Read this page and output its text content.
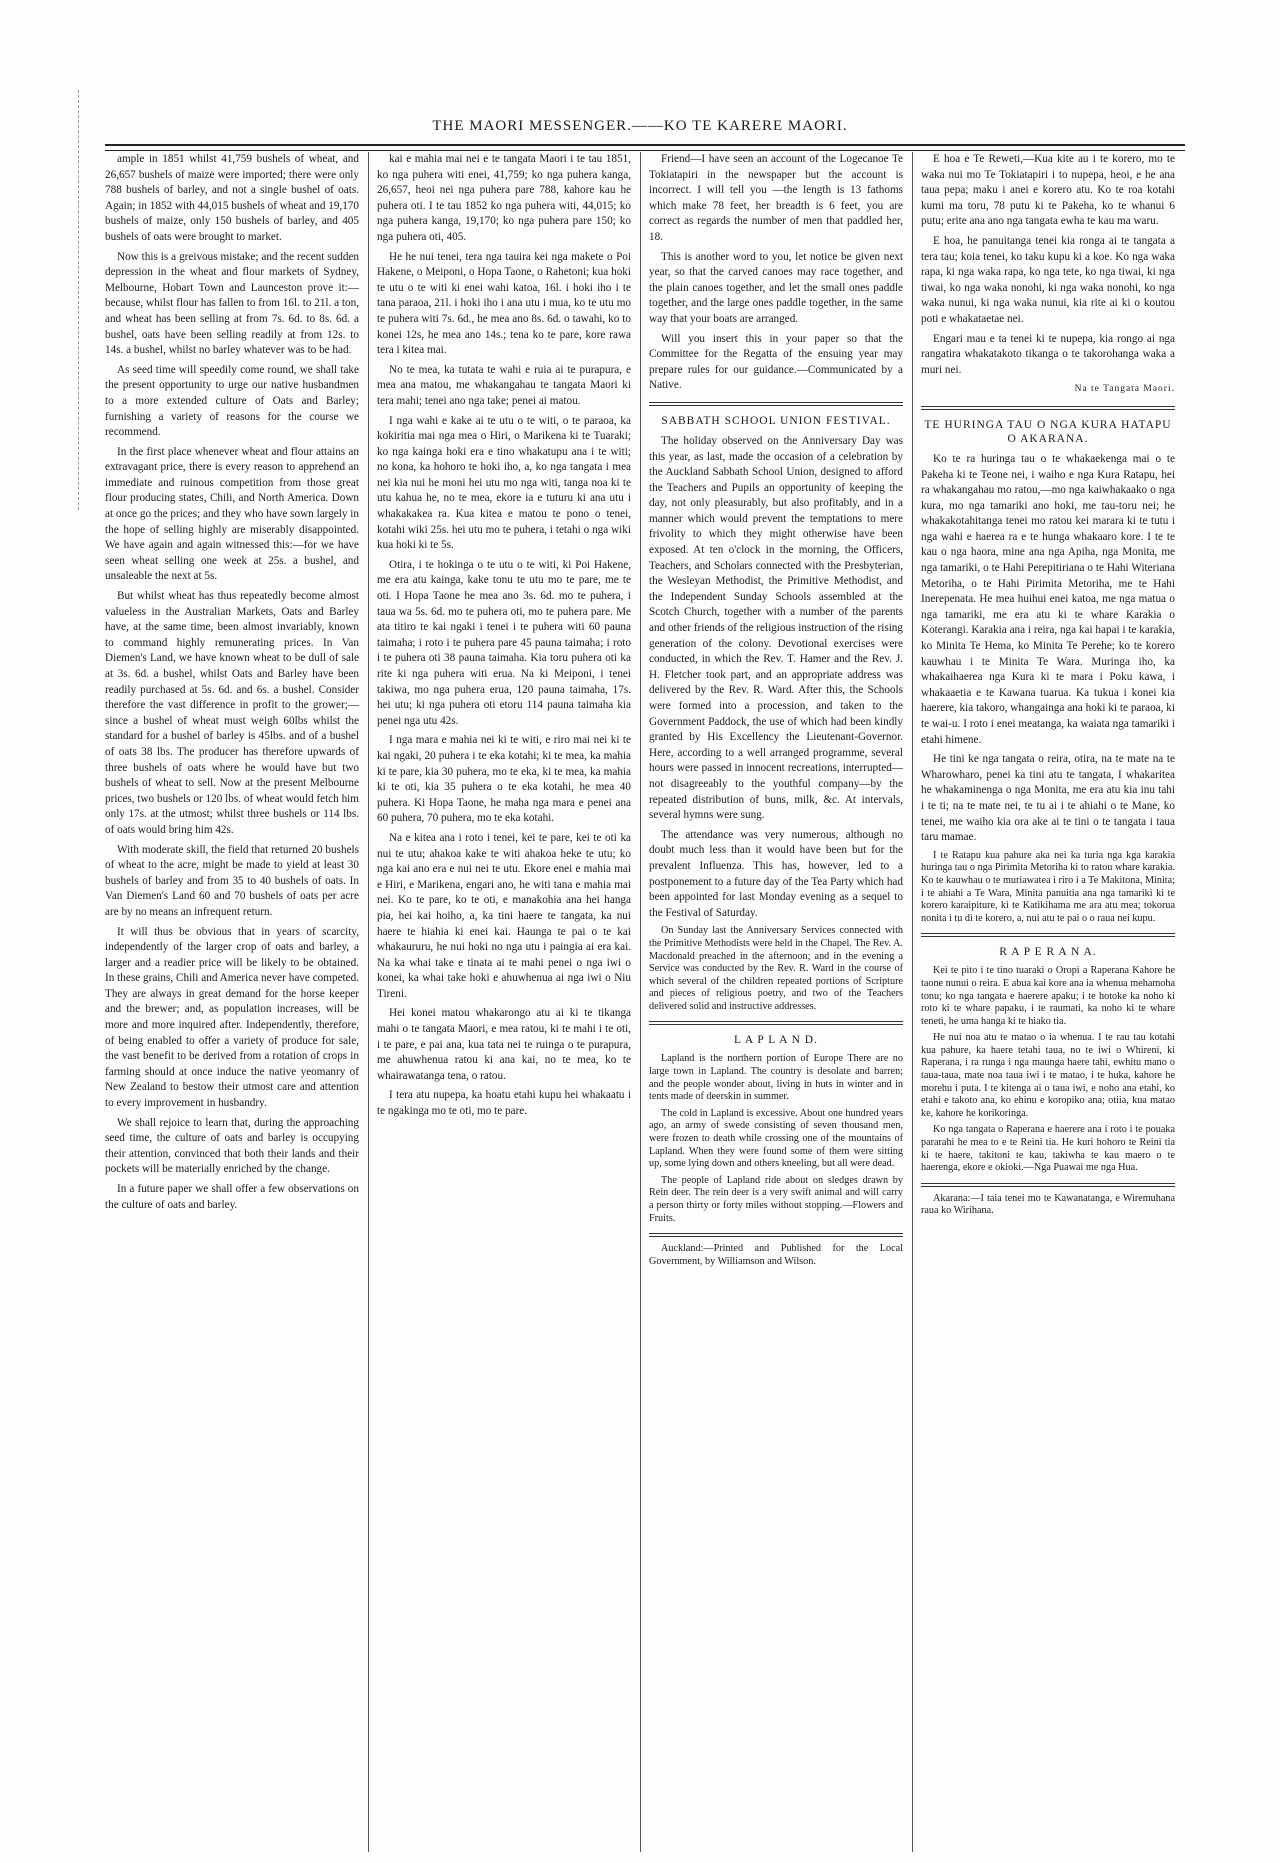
THE MAORI MESSENGER.——KO TE KARERE MAORI.

ample in 1851 whilst 41,759 bushels of wheat, and 26,657 bushels of maize were imported; there were only 788 bushels of barley, and not a single bushel of oats. Again; in 1852 with 44,015 bushels of wheat and 19,170 bushels of maize, only 150 bushels of barley, and 405 bushels of oats were brought to market.

Now this is a greivous mistake; and the recent sudden depression in the wheat and flour markets of Sydney, Melbourne, Hobart Town and Launceston prove it:—because, whilst flour has fallen to from 16l. to 21l. a ton, and wheat has been selling at from 7s. 6d. to 8s. 6d. a bushel, oats have been selling readily at from 12s. to 14s. a bushel, whilst no barley whatever was to be had.

As seed time will speedily come round, we shall take the present opportunity to urge our native husbandmen to a more extended culture of Oats and Barley; furnishing a variety of reasons for the course we recommend.

In the first place whenever wheat and flour attains an extravagant price, there is every reason to apprehend an immediate and ruinous competition from those great flour producing states, Chili, and North America. Down at once go the prices; and they who have sown largely in the hope of selling highly are miserably disappointed. We have again and again witnessed this:—for we have seen wheat selling one week at 25s. a bushel, and unsaleable the next at 5s.

But whilst wheat has thus repeatedly become almost valueless in the Australian Markets, Oats and Barley have, at the same time, been almost invariably, known to command highly remunerating prices. In Van Diemen's Land, we have known wheat to be dull of sale at 3s. 6d. a bushel, whilst Oats and Barley have been readily purchased at 5s. 6d. and 6s. a bushel. Consider therefore the vast difference in profit to the grower;—since a bushel of wheat must weigh 60lbs whilst the standard for a bushel of barley is 45lbs. and of a bushel of oats 38 lbs. The producer has therefore upwards of three bushels of oats where he would have but two bushels of wheat to sell. Now at the present Melbourne prices, two bushels or 120 lbs. of wheat would fetch him only 17s. at the utmost; whilst three bushels or 114 lbs. of oats would bring him 42s.

With moderate skill, the field that returned 20 bushels of wheat to the acre, might be made to yield at least 30 bushels of barley and from 35 to 40 bushels of oats. In Van Diemen's Land 60 and 70 bushels of oats per acre are by no means an infrequent return.

It will thus be obvious that in years of scarcity, independently of the larger crop of oats and barley, a larger and a readier price will be likely to be obtained. In these grains, Chili and America never have competed. They are always in great demand for the horse keeper and the brewer; and, as population increases, will be more and more inquired after. Independently, therefore, of being enabled to offer a variety of produce for sale, the vast benefit to be derived from a rotation of crops in farming should at once induce the native yeomanry of New Zealand to bestow their utmost care and attention to every improvement in husbandry.

We shall rejoice to learn that, during the approaching seed time, the culture of oats and barley is occupying their attention, convinced that both their lands and their pockets will be materially enriched by the change.

In a future paper we shall offer a few observations on the culture of oats and barley.

kai e mahia mai nei e te tangata Maori i te tau 1851, ko nga puhera witi enei, 41,759; ko nga puhera kanga, 26,657, heoi nei nga puhera pare 788, kahore kau he puhera oti. I te tau 1852 ko nga puhera witi, 44,015; ko nga puhera kanga, 19,170; ko nga puhera pare 150; ko nga puhera oti, 405.

He he nui tenei, tera nga tauira kei nga makete o Poi Hakene, o Meiponi, o Hopa Taone, o Rahetoni; kua hoki te utu o te witi ki enei wahi katoa, 16l. i hoki iho i te tana paraoa, 21l. i hoki iho i ana utu i mua, ko te utu mo te puhera witi 7s. 6d., he mea ano 8s. 6d. o tawahi, ko to konei 12s, he mea ano 14s.; tena ko te pare, kore rawa tera i kitea mai.

No te mea, ka tutata te wahi e ruia ai te purapura, e mea ana matou, me whakangahau te tangata Maori ki tera mahi; tenei ano nga take; penei ai matou.

I nga wahi e kake ai te utu o te witi, o te paraoa, ka kokiritia mai nga mea o Hiri, o Marikena ki te Tuaraki; ko nga kainga hoki era e tino whakatupu ana i te witi; no kona, ka hohoro te hoki iho, a, ko nga tangata i mea nei kia nui he moni hei utu mo nga witi, tanga noa ki te utu kahua he, no te mea, ekore ia e tuturu ki ana utu i whakakakea ra. Kua kitea e matou te pono o tenei, kotahi wiki 25s. hei utu mo te puhera, i tetahi o nga wiki kua hoki ki te 5s.

Otira, i te hokinga o te utu o te witi, ki Poi Hakene, me era atu kainga, kake tonu te utu mo te pare, me te oti. I Hopa Taone he mea ano 3s. 6d. mo te puhera, i taua wa 5s. 6d. mo te puhera oti, mo te puhera pare. Me ata titiro te kai ngaki i tenei i te puhera witi 60 pauna taimaha; i roto i te puhera pare 45 pauna taimaha; i roto i te puhera oti 38 pauna taimaha. Kia toru puhera oti ka rite ki nga puhera witi erua. Na ki Meiponi, i tenei takiwa, mo nga puhera erua, 120 pauna taimaha, 17s. hei utu; ki nga puhera oti etoru 114 pauna taimaha kia penei nga utu 42s.

I nga mara e mahia nei ki te witi, e riro mai nei ki te kai ngaki, 20 puhera i te eka kotahi; ki te mea, ka mahia ki te pare, kia 30 puhera, mo te eka, ki te mea, ka mahia ki te oti, kia 35 puhera o te eka kotahi, he mea 40 puhera. Ki Hopa Taone, he maha nga mara e penei ana 60 puhera, 70 puhera, mo te eka kotahi.

Na e kitea ana i roto i tenei, kei te pare, kei te oti ka nui te utu; ahakoa kake te witi ahakoa heke te utu; ko nga kai ano era e nui nei te utu. Ekore enei e mahia mai e Hiri, e Marikena, engari ano, he witi tana e mahia mai nei. Ko te pare, ko te oti, e manakohia ana hei hanga pia, hei kai hoiho, a, ka tini haere te tangata, ka nui haere te hiahia ki enei kai. Haunga te pai o te kai whakaururu, he nui hoki no nga utu i paingia ai era kai. Na ka whai take e tinata ai te mahi penei o nga iwi o konei, ka whai take hoki e ahuwhenua ai nga iwi o Niu Tireni.

Hei konei matou whakarongo atu ai ki te tikanga mahi o te tangata Maori, e mea ratou, ki te mahi i te oti, i te pare, e pai ana, kua tata nei te ruinga o te purapura, me ahuwhenua ratou ki ana kai, no te mea, ko te whairawatanga tena, o ratou.

I tera atu nupepa, ka hoatu etahi kupu hei whakaatu i te ngakinga mo te oti, mo te pare.

Friend—I have seen an account of the Logecanoe Te Tokiatapiri in the newspaper but the account is incorrect. I will tell you —the length is 13 fathoms which make 78 feet, her breadth is 6 feet, you are correct as regards the number of men that paddled her, 18.

This is another word to you, let notice be given next year, so that the carved canoes may race together, and the plain canoes together, and let the small ones paddle together, and the large ones paddle together, in the same way that your boats are arranged.

Will you insert this in your paper so that the Committee for the Regatta of the ensuing year may prepare rules for our guidance.—Communicated by a Native.

SABBATH SCHOOL UNION FESTIVAL.

The holiday observed on the Anniversary Day was this year, as last, made the occasion of a celebration by the Auckland Sabbath School Union, designed to afford the Teachers and Pupils an opportunity of keeping the day, not only pleasurably, but also profitably, and in a manner which would prevent the temptations to mere frivolity to which they might otherwise have been exposed. At ten o'clock in the morning, the Officers, Teachers, and Scholars connected with the Presbyterian, the Wesleyan Methodist, the Primitive Methodist, and the Independent Sunday Schools assembled at the Scotch Church, together with a number of the parents and other friends of the religious instruction of the rising generation of the colony. Devotional exercises were conducted, in which the Rev. T. Hamer and the Rev. J. H. Fletcher took part, and an appropriate address was delivered by the Rev. R. Ward. After this, the Schools were formed into a procession, and taken to the Government Paddock, the use of which had been kindly granted by His Excellency the Lieutenant-Governor. Here, according to a well arranged programme, several hours were passed in innocent recreations, interrupted—not disagreeably to the youthful company—by the repeated distribution of buns, milk, &c. At intervals, several hymns were sung.

The attendance was very numerous, although no doubt much less than it would have been but for the prevalent Influenza. This has, however, led to a postponement to a future day of the Tea Party which had been appointed for last Monday evening as a sequel to the Festival of Saturday.

On Sunday last the Anniversary Services connected with the Primitive Methodists were held in the Chapel. The Rev. A. Macdonald preached in the afternoon; and in the evening a Service was conducted by the Rev. R. Ward in the course of which several of the children repeated portions of Scripture and pieces of religious poetry, and two of the Teachers delivered solid and instructive addresses.

L A P L A N D.

Lapland is the northern portion of Europe There are no large town in Lapland. The country is desolate and barren; and the people wonder about, living in huts in winter and in tents made of deerskin in summer.

The cold in Lapland is excessive. About one hundred years ago, an army of swede consisting of seven thousand men, were frozen to death while crossing one of the mountains of Lapland. When they were found some of them were sitting up, some lying down and others kneeling, but all were dead.

The people of Lapland ride about on sledges drawn by Rein deer. The rein deer is a very swift animal and will carry a person thirty or forty miles without stopping.—Flowers and Fruits.

Auckland:—Printed and Published for the Local Government, by Williamson and Wilson.

E hoa e Te Reweti,—Kua kite au i te korero, mo te waka nui mo Te Tokiatapiri i to nupepa, heoi, e he ana taua pepa; maku i anei e korero atu. Ko te roa kotahi kumi ma toru, 78 putu ki te Pakeha, ko te whanui 6 putu; erite ana ano nga tangata ewha te kau ma waru.

E hoa, he panuitanga tenei kia ronga ai te tangata a tera tau; koia tenei, ko taku kupu ki a koe. Ko nga waka rapa, ki nga waka rapa, ko nga tete, ko nga tiwai, ki nga tiwai, ko nga waka nonohi, ki nga waka nonohi, ko nga waka nunui, ki nga waka nunui, kia rite ai ki o koutou poti e whakataetae nei.

Engari mau e ta tenei ki te nupepa, kia rongo ai nga rangatira whakatakoto tikanga o te takorohanga waka a muri nei.

Na te Tangata Maori.
TE HURINGA TAU O NGA KURA HATAPU O AKARANA.

Ko te ra huringa tau o te whakaekenga mai o te Pakeha ki te Teone nei, i waiho e nga Kura Ratapu, hei ra whakangahau mo ratou,—mo nga kaiwhakaako o nga kura, mo nga tamariki ano hoki, me tau-toru nei; he whakakotahitanga tenei mo ratou kei marara ki te tutu i nga wahi e haerea ra e te hunga whakaaro kore. I te te kau o nga haora, mine ana nga Apiha, nga Monita, me nga tamariki, o te Hahi Perepitiriana o te Hahi Witeriana Metoriha, o te Hahi Pirimita Metoriha, me te Hahi Inerepenata. He mea huihui enei katoa, me nga matua o nga tamariki, me era atu ki te whare Karakia o Koterangi. Karakia ana i reira, nga kai hapai i te karakia, ko Minita Te Hema, ko Minita Te Perehe; ko te korero kauwhau i te Minita Te Wara. Muringa iho, ka whakaihaerea nga Kura ki te mara i Poku kawa, i whakaaetia e te Kawana tuarua. Ka tukua i konei kia haerere, kia takoro, whangainga ana hoki ki te paraoa, ki te wai-u. I roto i enei meatanga, ka waiata nga tamariki i etahi himene.

He tini ke nga tangata o reira, otira, na te mate na te Wharowharo, penei ka tini atu te tangata, I whakaritea he whakaminenga o nga Monita, me era atu kia inu tahi i te ti; na te mate nei, te tu ai i te ahiahi o te Mane, ko tenei, me waiho kia ora ake ai te tini o te tangata i taua taru mamae.

I te Ratapu kua pahure aka nei ka turia nga kga karakia huringa tau o nga Pirimita Metoriha ki to ratou whare karakia. Ko te kauwhau o te muriawatea i riro i a Te Makitona, Minita; i te ahiahi a Te Wara, Minita panuitia ana nga tamariki ki te korero karaipiture, ki te Katikihama me ara atu mea; tokorua nonita i tu di te korero, a, nui atu te pai o o raua nei kupu.

R A P E R A N A.

Kei te pito i te tino tuaraki o Oropi a Raperana Kahore he taone nunui o reira. E abua kai kore ana ia whenua mehamoha tonu; ko nga tangata e haerere apaku; i te hotoke ka noho ki roto ki te whare papaku, i te raumati, ka noho ki te whare teneti, he uma hanga ki te hiako tia.

He nui noa atu te matao o ia whenua. I te rau tau kotahi kua pahure, ka haere tetahi taua, no te iwi o Whireni, ki Raperana, i ra runga i nga maunga haere tahi, ewhitu mano o taua-taua, mate noa taua iwi i te matao, i te huka, kahore he morehu i puta. I te kitenga ai o taua iwi, e noho ana etahi, ko etahi e takoto ana, ko ehinu e koropiko ana; otiia, kua matao ke, kahore he korikoringa.

Ko nga tangata o Raperana e haerere ana i roto i te pouaka pararahi he mea to e te Reini tia. He kuri hohoro te Reini tia ki te haere, takitoni te kau, takiwha te kau maero o te haerenga, ekore e okioki.—Nga Puawai me nga Hua.

Akarana:—I taia tenei mo te Kawanatanga, e Wiremuhana raua ko Wirihana.
